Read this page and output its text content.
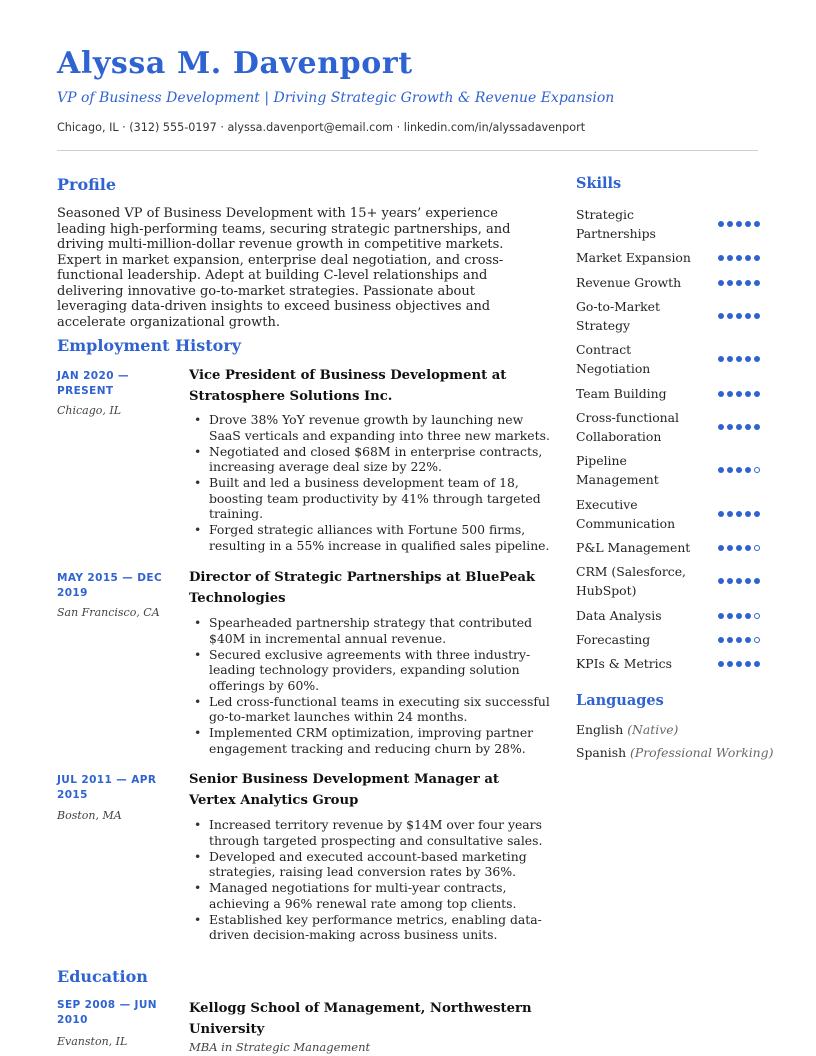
Alyssa M. Davenport
VP of Business Development | Driving Strategic Growth & Revenue Expansion
Chicago, IL · (312) 555-0197 · alyssa.davenport@email.com · linkedin.com/in/alyssadavenport
Profile
Seasoned VP of Business Development with 15+ years’ experience leading high-performing teams, securing strategic partnerships, and driving multi-million-dollar revenue growth in competitive markets. Expert in market expansion, enterprise deal negotiation, and cross-functional leadership. Adept at building C-level relationships and delivering innovative go-to-market strategies. Passionate about leveraging data-driven insights to exceed business objectives and accelerate organizational growth.
Employment History
JAN 2020 — PRESENT
Chicago, IL
Vice President of Business Development at Stratosphere Solutions Inc.
• Drove 38% YoY revenue growth by launching new SaaS verticals and expanding into three new markets.
• Negotiated and closed $68M in enterprise contracts, increasing average deal size by 22%.
• Built and led a business development team of 18, boosting team productivity by 41% through targeted training.
• Forged strategic alliances with Fortune 500 firms, resulting in a 55% increase in qualified sales pipeline.
MAY 2015 — DEC 2019
San Francisco, CA
Director of Strategic Partnerships at BluePeak Technologies
• Spearheaded partnership strategy that contributed $40M in incremental annual revenue.
• Secured exclusive agreements with three industry-leading technology providers, expanding solution offerings by 60%.
• Led cross-functional teams in executing six successful go-to-market launches within 24 months.
• Implemented CRM optimization, improving partner engagement tracking and reducing churn by 28%.
JUL 2011 — APR 2015
Boston, MA
Senior Business Development Manager at Vertex Analytics Group
• Increased territory revenue by $14M over four years through targeted prospecting and consultative sales.
• Developed and executed account-based marketing strategies, raising lead conversion rates by 36%.
• Managed negotiations for multi-year contracts, achieving a 96% renewal rate among top clients.
• Established key performance metrics, enabling data-driven decision-making across business units.
Education
SEP 2008 — JUN 2010
Evanston, IL
Kellogg School of Management, Northwestern University
MBA in Strategic Management
Skills
Strategic Partnerships
Market Expansion
Revenue Growth
Go-to-Market Strategy
Contract Negotiation
Team Building
Cross-functional Collaboration
Pipeline Management
Executive Communication
P&L Management
CRM (Salesforce, HubSpot)
Data Analysis
Forecasting
KPIs & Metrics
Languages
English (Native)
Spanish (Professional Working)
